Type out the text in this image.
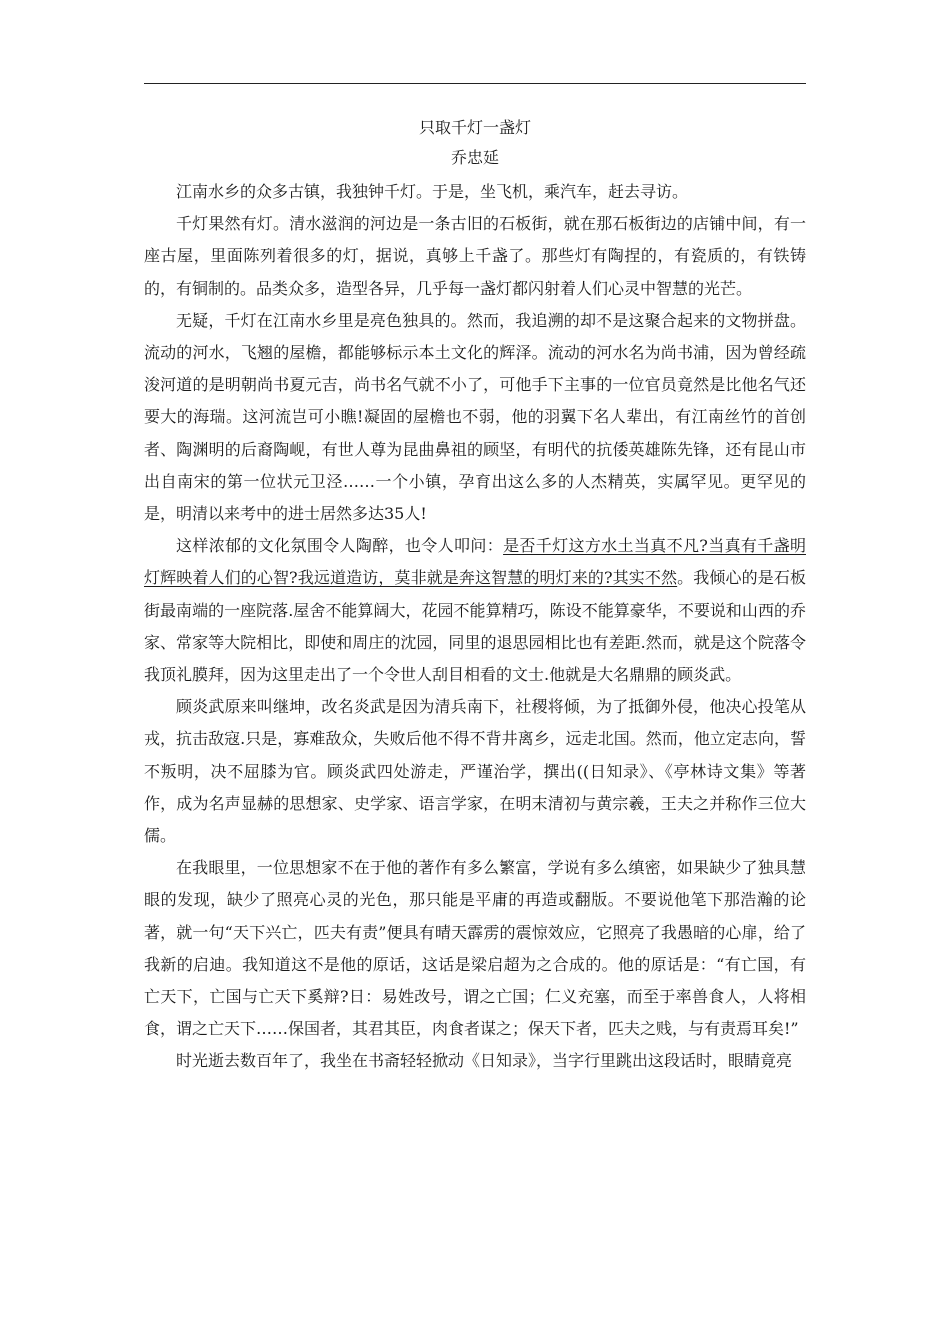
只取千灯一盏灯
乔忠延

江南水乡的众多古镇，我独钟千灯。于是，坐飞机，乘汽车，赶去寻访。

千灯果然有灯。清水滋润的河边是一条古旧的石板街，就在那石板街边的店铺中间，有一座古屋，里面陈列着很多的灯，据说，真够上千盏了。那些灯有陶捏的，有瓷质的，有铁铸的，有铜制的。品类众多，造型各异，几乎每一盏灯都闪射着人们心灵中智慧的光芒。

无疑，千灯在江南水乡里是亮色独具的。然而，我追溯的却不是这聚合起来的文物拼盘。流动的河水，飞翘的屋檐，都能够标示本土文化的辉泽。流动的河水名为尚书浦，因为曾经疏浚河道的是明朝尚书夏元吉，尚书名气就不小了，可他手下主事的一位官员竟然是比他名气还要大的海瑞。这河流岂可小瞧!凝固的屋檐也不弱，他的羽翼下名人辈出，有江南丝竹的首创者、陶渊明的后裔陶岘，有世人尊为昆曲鼻祖的顾坚，有明代的抗倭英雄陈先锋，还有昆山市出自南宋的第一位状元卫泾……一个小镇，孕育出这么多的人杰精英，实属罕见。更罕见的是，明清以来考中的进士居然多达35人!

这样浓郁的文化氛围令人陶醉，也令人叩问：是否千灯这方水土当真不凡?当真有千盏明灯辉映着人们的心智?我远道造访，莫非就是奔这智慧的明灯来的?其实不然。我倾心的是石板街最南端的一座院落.屋舍不能算阔大，花园不能算精巧，陈设不能算豪华，不要说和山西的乔家、常家等大院相比，即使和周庄的沈园，同里的退思园相比也有差距.然而，就是这个院落令我顶礼膜拜，因为这里走出了一个令世人刮目相看的文士.他就是大名鼎鼎的顾炎武。

顾炎武原来叫继坤，改名炎武是因为清兵南下，社稷将倾，为了抵御外侵，他决心投笔从戎，抗击敌寇.只是，寡难敌众，失败后他不得不背井离乡，远走北国。然而，他立定志向，誓不叛明，决不屈膝为官。顾炎武四处游走，严谨治学，撰出((日知录》、《亭林诗文集》等著作，成为名声显赫的思想家、史学家、语言学家，在明末清初与黄宗羲，王夫之并称作三位大儒。

在我眼里，一位思想家不在于他的著作有多么繁富，学说有多么缜密，如果缺少了独具慧眼的发现，缺少了照亮心灵的光色，那只能是平庸的再造或翻版。不要说他笔下那浩瀚的论著，就一句“天下兴亡，匹夫有责”便具有晴天霹雳的震惊效应，它照亮了我愚暗的心扉，给了我新的启迪。我知道这不是他的原话，这话是梁启超为之合成的。他的原话是：“有亡国，有亡天下，亡国与亡天下奚辩?日：易姓改号，谓之亡国；仁义充塞，而至于率兽食人，人将相食，谓之亡天下……保国者，其君其臣，肉食者谋之；保天下者，匹夫之贱，与有责焉耳矣!”

时光逝去数百年了，我坐在书斋轻轻掀动《日知录》，当字行里跳出这段话时，眼睛竟亮
